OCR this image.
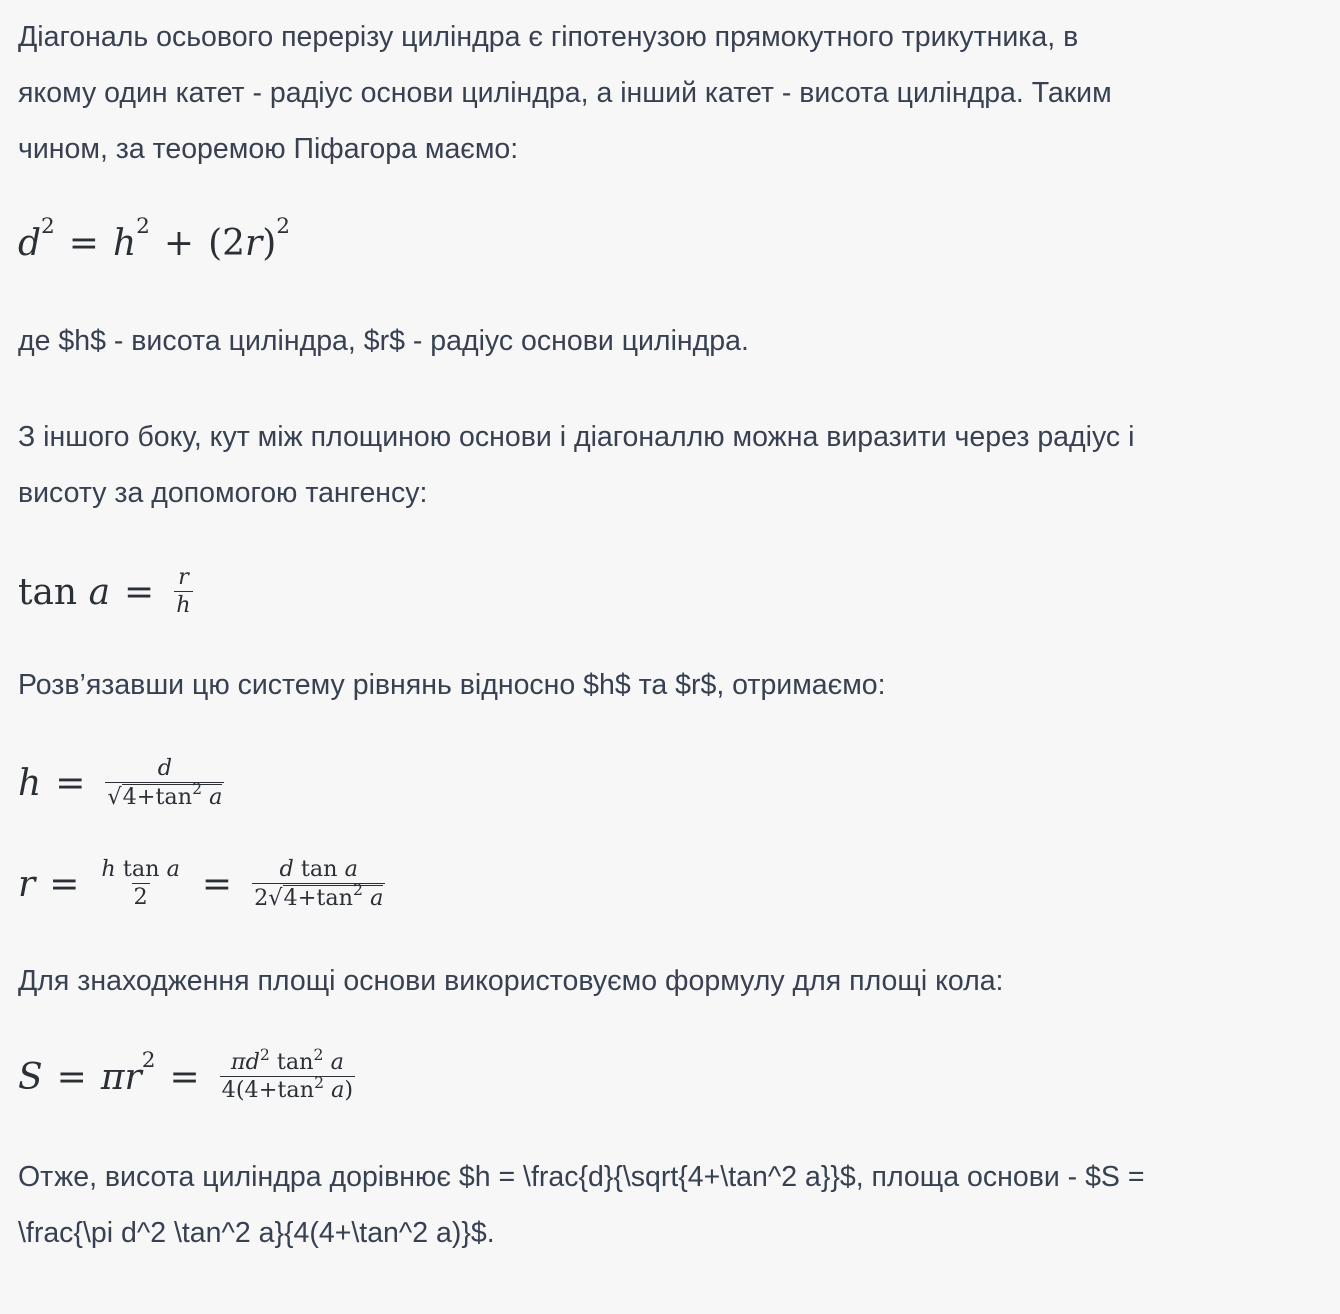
Діагональ осьового перерізу циліндра є гіпотенузою прямокутного трикутника, в
якому один катет - радіус основи циліндра, а інший катет - висота циліндра. Таким
чином, за теоремою Піфагора маємо:
d 2 = h 2 + (2 r ) 2
де $h$ - висота циліндра, $r$ - радіус основи циліндра.
З іншого боку, кут між площиною основи і діагоналлю можна виразити через радіус і
висоту за допомогою тангенсу:
tan
$a = \frac{r}{h}$
Розв’язавши цю систему рівнянь відносно $h$ та $r$, отримаємо:
$h = \frac{d}{√ 4+\tan^2 a}$
$r = \frac{\text{h tan a}}{2} = \frac{\text{d tan a}}{2√ 4+\tan^2 a}$
Для знаходження площі основи використовуємо формулу для площі кола:
S = πr $2 = \frac{\pi d^2 \tan^2 a}{4(4+\tan^2 a)}$
Отже, висота циліндра дорівнює $h = \frac{d}{\sqrt{4+\tan^2 a}}$, площа основи - $S =
\frac{\pi d^2 \tan^2 a}{4(4+\tan^2 a)}$.
